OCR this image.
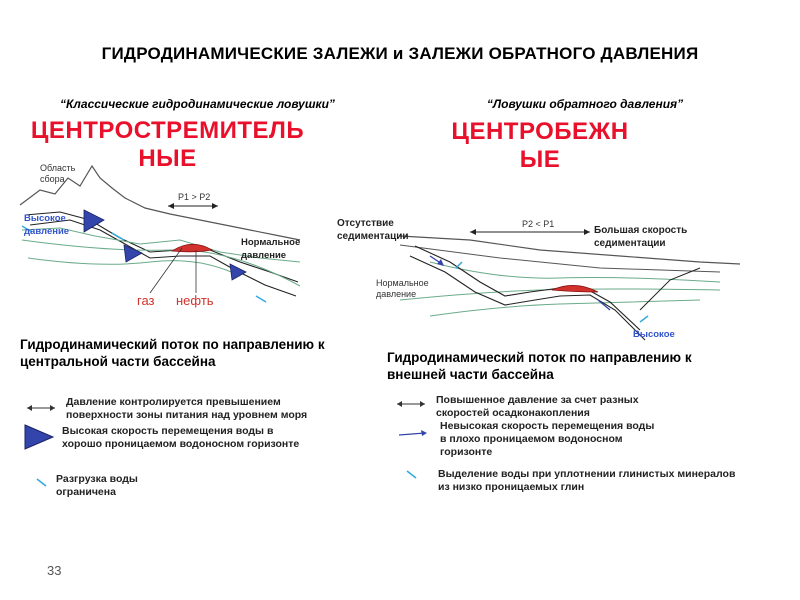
ГИДРОДИНАМИЧЕСКИЕ ЗАЛЕЖИ и ЗАЛЕЖИ ОБРАТНОГО ДАВЛЕНИЯ
“Классические гидродинамические ловушки”
ЦЕНТРОСТРЕМИТЕЛЬ
НЫЕ
“Ловушки обратного давления”
ЦЕНТРОБЕЖН
ЫЕ
Область сбора
Высокое давление
P1 > P2
Нормальное давление
газ нефть
Отсутствие седиментации
P2 < P1
Большая скорость седиментации
Нормальное давление
Высокое
Гидродинамический поток по направлению к центральной части бассейна
Давление контролируется превышением поверхности зоны питания над уровнем моря
Высокая скорость перемещения воды в хорошо проницаемом водоносном горизонте
Разгрузка воды ограничена
Гидродинамический поток по направлению к внешней части бассейна
Повышенное давление за счет разных скоростей осадконакопления
Невысокая скорость перемещения воды в плохо проницаемом водоносном горизонте
Выделение воды при уплотнении глинистых минералов из низко проницаемых глин
33
